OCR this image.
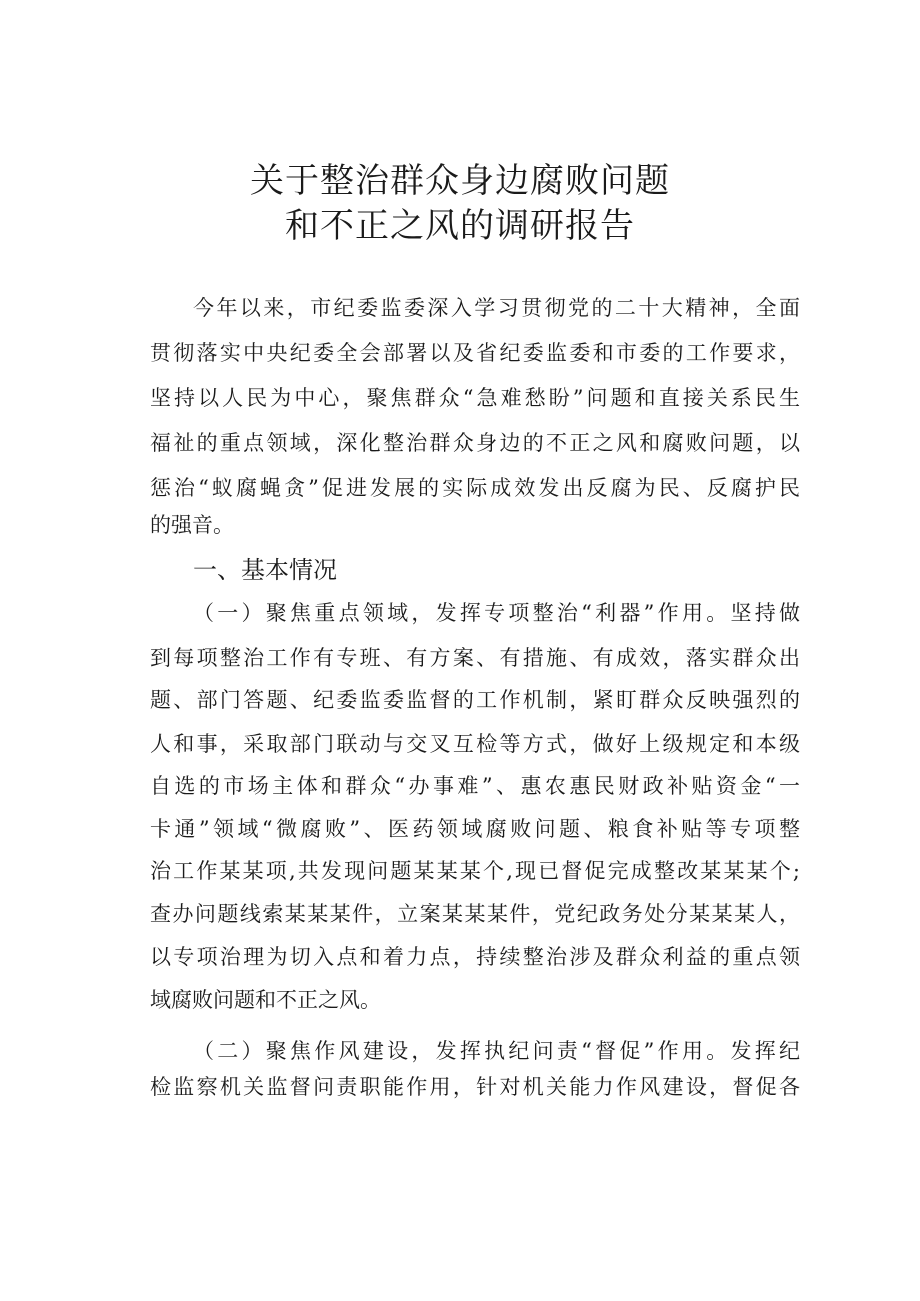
关于整治群众身边腐败问题
和不正之风的调研报告

今年以来，市纪委监委深入学习贯彻党的二十大精神，全面

贯彻落实中央纪委全会部署以及省纪委监委和市委的工作要求，

坚持以人民为中心，聚焦群众“急难愁盼”问题和直接关系民生

福祉的重点领域，深化整治群众身边的不正之风和腐败问题，以

惩治“蚁腐蝇贪”促进发展的实际成效发出反腐为民、反腐护民

的强音。

一、基本情况

（一）聚焦重点领域，发挥专项整治“利器”作用。坚持做

到每项整治工作有专班、有方案、有措施、有成效，落实群众出

题、部门答题、纪委监委监督的工作机制，紧盯群众反映强烈的

人和事，采取部门联动与交叉互检等方式，做好上级规定和本级

自选的市场主体和群众“办事难”、惠农惠民财政补贴资金“一

卡通”领域“微腐败”、医药领域腐败问题、粮食补贴等专项整

治工作某某项,共发现问题某某某个,现已督促完成整改某某某个;

查办问题线索某某某件，立案某某某件，党纪政务处分某某某人，

以专项治理为切入点和着力点，持续整治涉及群众利益的重点领

域腐败问题和不正之风。

（二）聚焦作风建设，发挥执纪问责“督促”作用。发挥纪

检监察机关监督问责职能作用，针对机关能力作风建设，督促各
